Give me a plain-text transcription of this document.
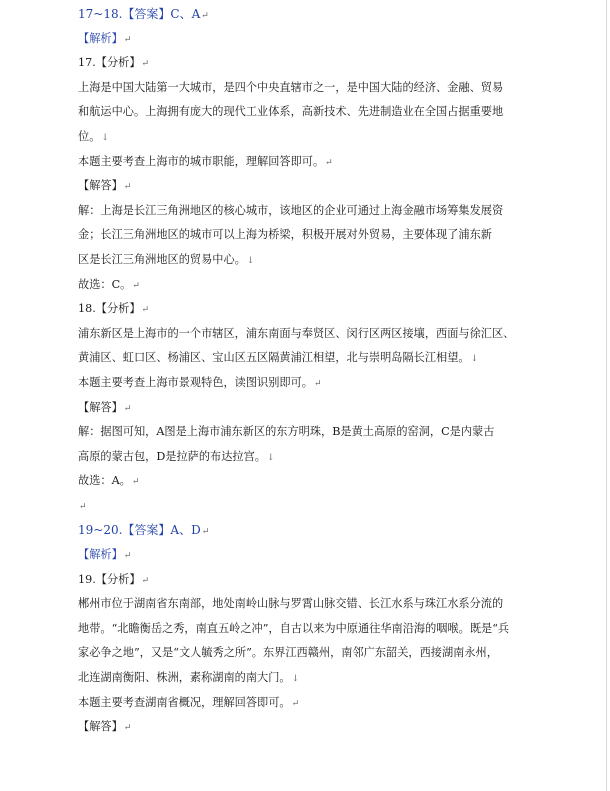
17~18.【答案】C、A↵
【解析】↵
17.【分析】↵
上海是中国大陆第一大城市，是四个中央直辖市之一，是中国大陆的经济、金融、贸易
和航运中心。上海拥有庞大的现代工业体系，高新技术、先进制造业在全国占据重要地
位。↓
本题主要考查上海市的城市职能，理解回答即可。↵
【解答】↵
解：上海是长江三角洲地区的核心城市，该地区的企业可通过上海金融市场筹集发展资
金；长江三角洲地区的城市可以上海为桥梁，积极开展对外贸易，主要体现了浦东新
区是长江三角洲地区的贸易中心。↓
故选：C。↵
18.【分析】↵
浦东新区是上海市的一个市辖区，浦东南面与奉贤区、闵行区两区接壤，西面与徐汇区、
黄浦区、虹口区、杨浦区、宝山区五区隔黄浦江相望，北与崇明岛隔长江相望。↓
本题主要考查上海市景观特色，读图识别即可。↵
【解答】↵
解：据图可知，A图是上海市浦东新区的东方明珠，B是黄土高原的窑洞，C是内蒙古
高原的蒙古包，D是拉萨的布达拉宫。↓
故选：A。↵
↵
19~20.【答案】A、D↵
【解析】↵
19.【分析】↵
郴州市位于湖南省东南部，地处南岭山脉与罗霄山脉交错、长江水系与珠江水系分流的
地带。“北瞻衡岳之秀，南直五岭之冲”，自古以来为中原通往华南沿海的咽喉。既是“兵
家必争之地”，又是“文人毓秀之所”。东界江西赣州，南邻广东韶关，西接湖南永州，
北连湖南衡阳、株洲，素称湖南的南大门。↓
本题主要考查湖南省概况，理解回答即可。↵
【解答】↵
